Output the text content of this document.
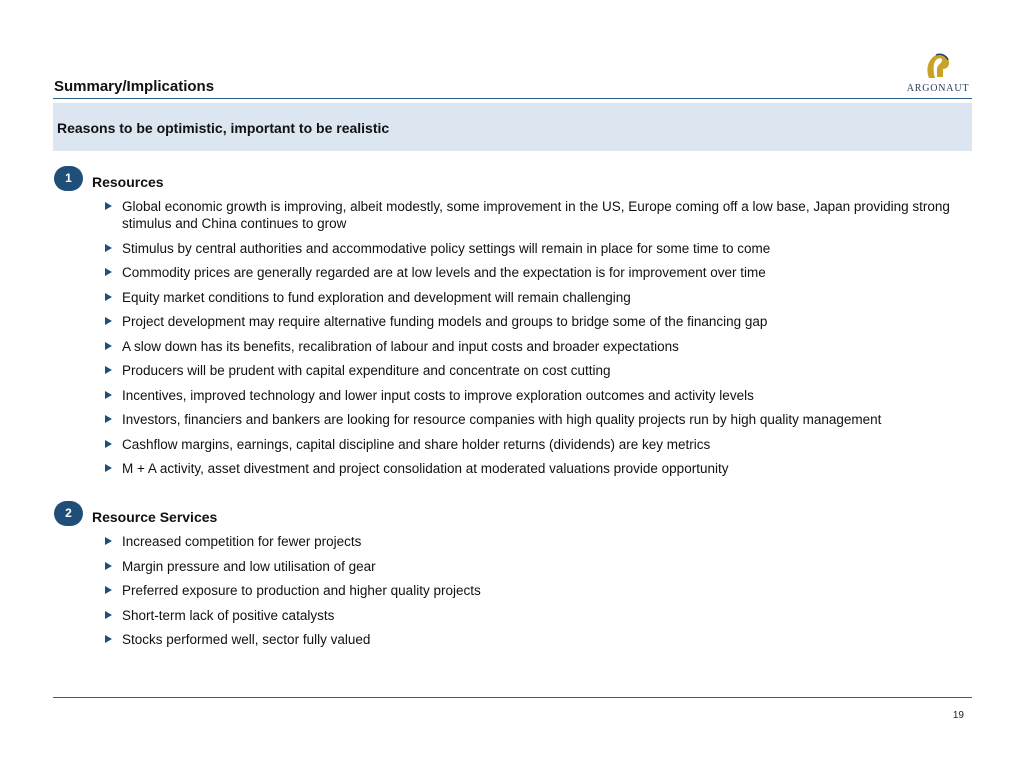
Summary/Implications	ARGONAUT
Reasons to be optimistic, important to be realistic
1	Resources
Global economic growth is improving, albeit modestly, some improvement in the US, Europe coming off a low base, Japan providing strong stimulus and China continues to grow
Stimulus by central authorities and accommodative policy settings will remain in place for some time to come
Commodity prices are generally regarded are at low levels and the expectation is for improvement over time
Equity market conditions to fund exploration and development will remain challenging
Project development may require alternative funding models and groups to bridge some of the financing gap
A slow down has its benefits, recalibration of labour and input costs and broader expectations
Producers will be prudent with capital expenditure and concentrate on cost cutting
Incentives, improved technology and lower input costs to improve exploration outcomes and activity levels
Investors, financiers and bankers are looking for resource companies with high quality projects run by high quality management
Cashflow margins, earnings, capital discipline and share holder returns (dividends) are key metrics
M + A activity, asset divestment and project consolidation at moderated valuations provide opportunity
2	Resource Services
Increased competition for fewer projects
Margin pressure and low utilisation of gear
Preferred exposure to production and higher quality projects
Short-term lack of positive catalysts
Stocks performed well, sector fully valued
19
